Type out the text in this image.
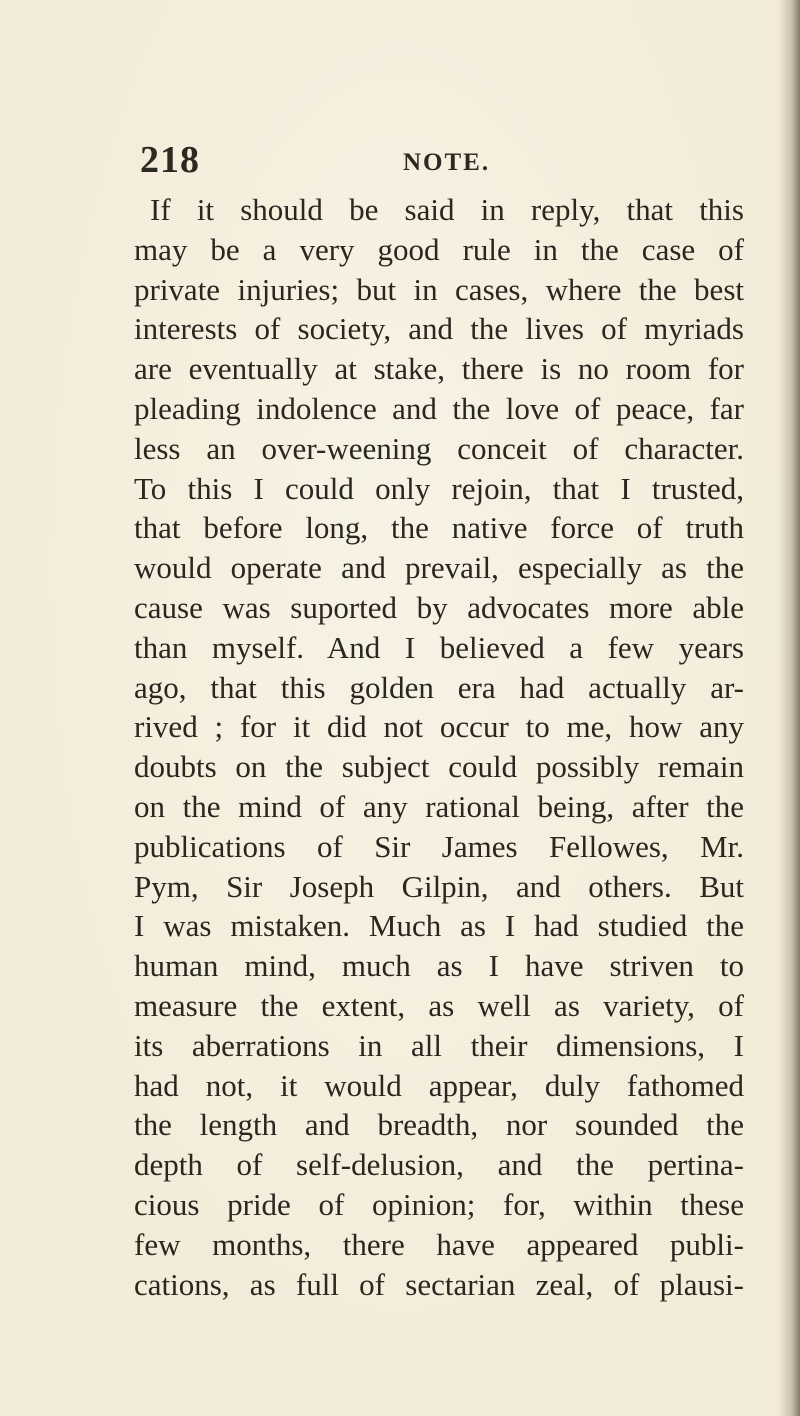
218	NOTE.
If it should be said in reply, that this
may be a very good rule in the case of
private injuries; but in cases, where the best
interests of society, and the lives of myriads
are eventually at stake, there is no room for
pleading indolence and the love of peace, far
less an over-weening conceit of character.
To this I could only rejoin, that I trusted,
that before long, the native force of truth
would operate and prevail, especially as the
cause was suported by advocates more able
than myself. And I believed a few years
ago, that this golden era had actually ar-
rived ; for it did not occur to me, how any
doubts on the subject could possibly remain
on the mind of any rational being, after the
publications of Sir James Fellowes, Mr.
Pym, Sir Joseph Gilpin, and others. But
I was mistaken. Much as I had studied the
human mind, much as I have striven to
measure the extent, as well as variety, of
its aberrations in all their dimensions, I
had not, it would appear, duly fathomed
the length and breadth, nor sounded the
depth of self-delusion, and the pertina-
cious pride of opinion; for, within these
few months, there have appeared publi-
cations, as full of sectarian zeal, of plausi-
